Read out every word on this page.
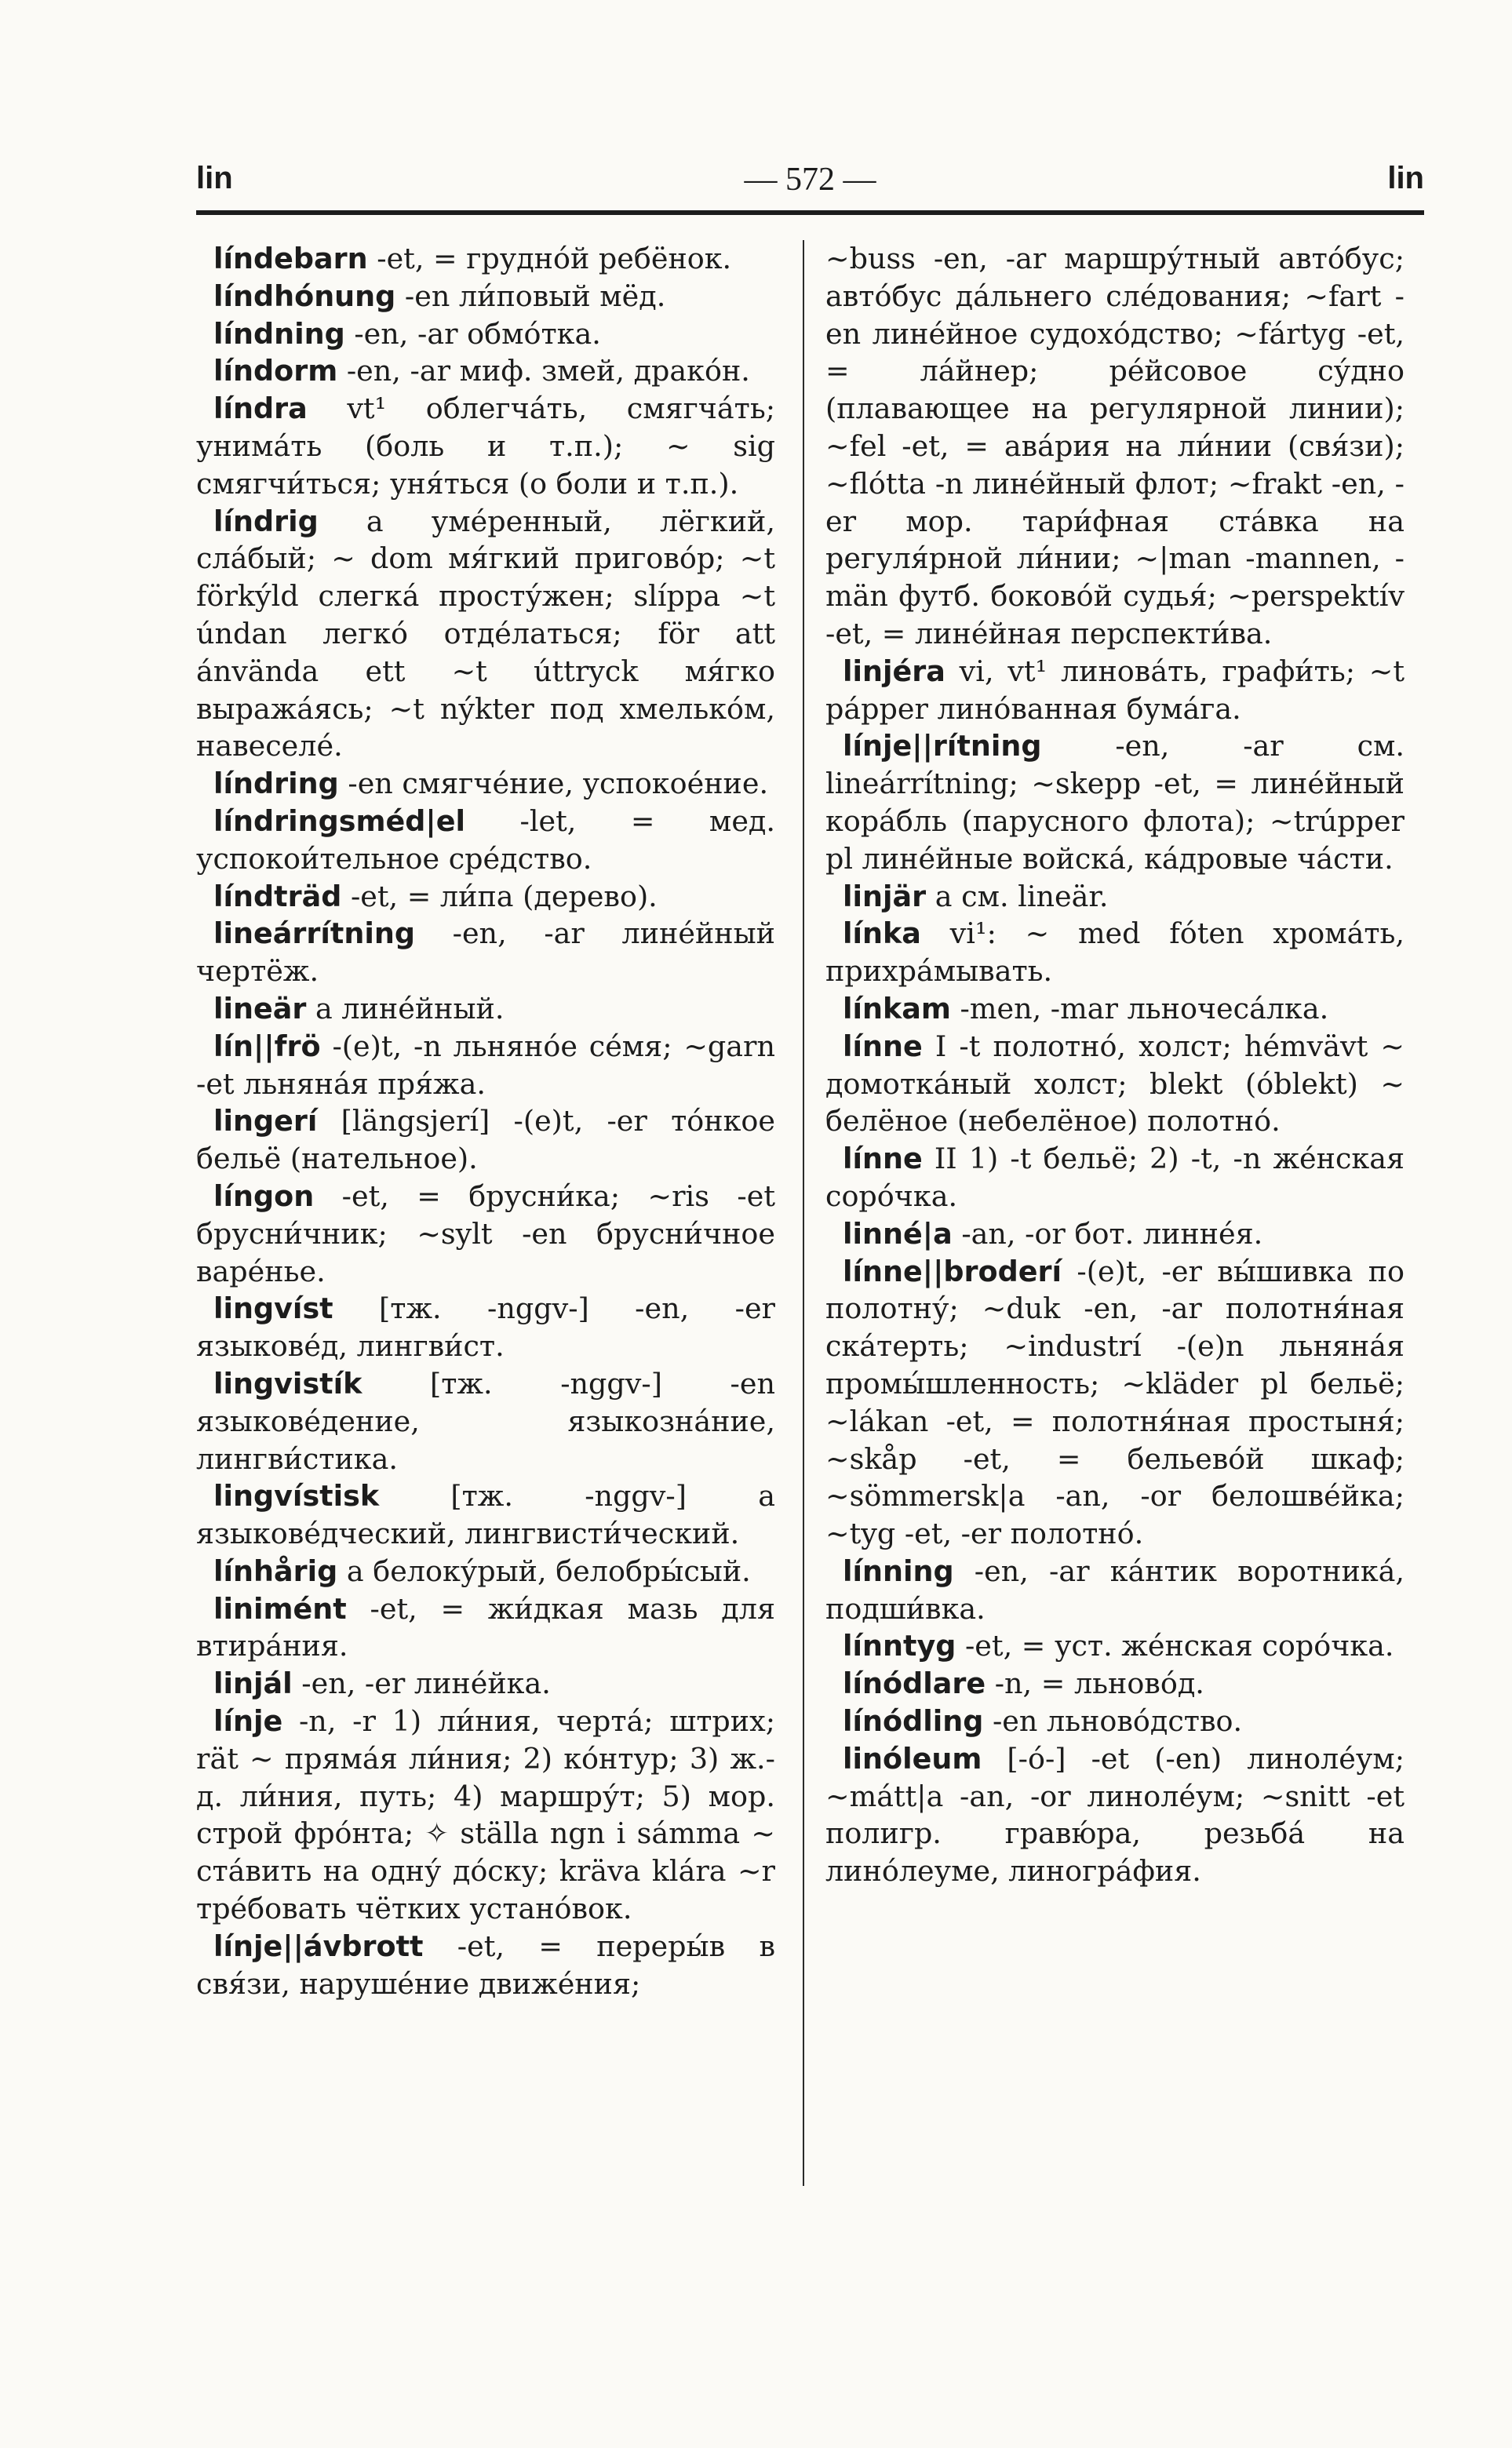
lin	— 572 —	lin
líndebarn -et, = грудно́й ребёнок.
líndhónung -en ли́повый мёд.
líndning -en, -ar обмо́тка.
líndorm -en, -ar миф. змей, драко́н.
líndra vt¹ облегча́ть, смягча́ть; унима́ть (боль и т.п.); ~ sig смягчи́ться; уня́ться (о боли и т.п.).
líndrig a уме́ренный, лёгкий, сла́бый; ~ dom мя́гкий пригово́р; ~t förkýld слегка́ просту́жен; slíppa ~t úndan легко́ отде́латься; för att ánvända ett ~t úttryck мя́гко выража́ясь; ~t nýkter под хмелько́м, навеселе́.
líndring -en смягче́ние, успокое́ние.
líndringsméd|el -let, = мед. успокои́тельное сре́дство.
líndträd -et, = ли́па (дерево).
lineárrítning -en, -ar лине́йный чертёж.
lineär a лине́йный.
lín||frö -(e)t, -n льняно́е се́мя; ~garn -et льняна́я пря́жа.
lingerí [längsjerí] -(e)t, -er то́нкое бельё (нательное).
língon -et, = брусни́ка; ~ris -et брусни́чник; ~sylt -en брусни́чное варе́нье.
lingvíst [тж. -nggv-] -en, -er языкове́д, лингви́ст.
lingvistík [тж. -nggv-] -en языкове́дение, языкозна́ние, лингви́стика.
lingvístisk [тж. -nggv-] a языкове́дческий, лингвисти́ческий.
línhårig a белоку́рый, белобры́сый.
linimént -et, = жи́дкая мазь для втира́ния.
linjál -en, -er лине́йка.
línje -n, -r 1) ли́ния, черта́; штрих; rät ~ пряма́я ли́ния; 2) ко́нтур; 3) ж.-д. ли́ния, путь; 4) маршру́т; 5) мор. строй фро́нта; ✧ ställa ngn i sámma ~ ста́вить на одну́ до́ску; kräva klára ~r тре́бовать чётких устано́вок.
línje||ávbrott -et, = переры́в в свя́зи, наруше́ние движе́ния;
~buss -en, -ar маршру́тный авто́бус; авто́бус да́льнего сле́дования; ~fart -en лине́йное судохо́дство; ~fártyg -et, = ла́йнер; ре́йсовое су́дно (плавающее на регулярной линии); ~fel -et, = ава́рия на ли́нии (свя́зи); ~flótta -n лине́йный флот; ~frakt -en, -er мор. тари́фная ста́вка на регуля́рной ли́нии; ~|man -mannen, -män футб. боково́й судья́; ~perspektív -et, = лине́йная перспекти́ва.
linjéra vi, vt¹ линова́ть, графи́ть; ~t pápper лино́ванная бума́га.
línje||rítning -en, -ar см. lineárrítning; ~skepp -et, = лине́йный кора́бль (парусного флота); ~trúpper pl лине́йные войска́, ка́дровые ча́сти.
linjär a см. lineär.
línka vi¹: ~ med fóten хрома́ть, прихра́мывать.
línkam -men, -mar льночеса́лка.
línne I -t полотно́, холст; hémvävt ~ домотка́ный холст; blekt (óblekt) ~ белёное (небелёное) полотно́.
línne II 1) -t бельё; 2) -t, -n же́нская соро́чка.
linné|a -an, -or бот. линне́я.
línne||broderí -(e)t, -er вы́шивка по полотну́; ~duk -en, -ar полотня́ная ска́терть; ~industrí -(e)n льняна́я промы́шленность; ~kläder pl бельё; ~lákan -et, = полотня́ная простыня́; ~skåp -et, = бельево́й шкаф; ~sömmersk|a -an, -or белошве́йка; ~tyg -et, -er полотно́.
línning -en, -ar ка́нтик воротника́, подши́вка.
línntyg -et, = уст. же́нская соро́чка.
línódlare -n, = льново́д.
línódling -en льново́дство.
linóleum [-ó-] -et (-en) линоле́ум; ~mátt|a -an, -or линоле́ум; ~snitt -et полигр. гравю́ра, резьба́ на лино́леуме, линогра́фия.
